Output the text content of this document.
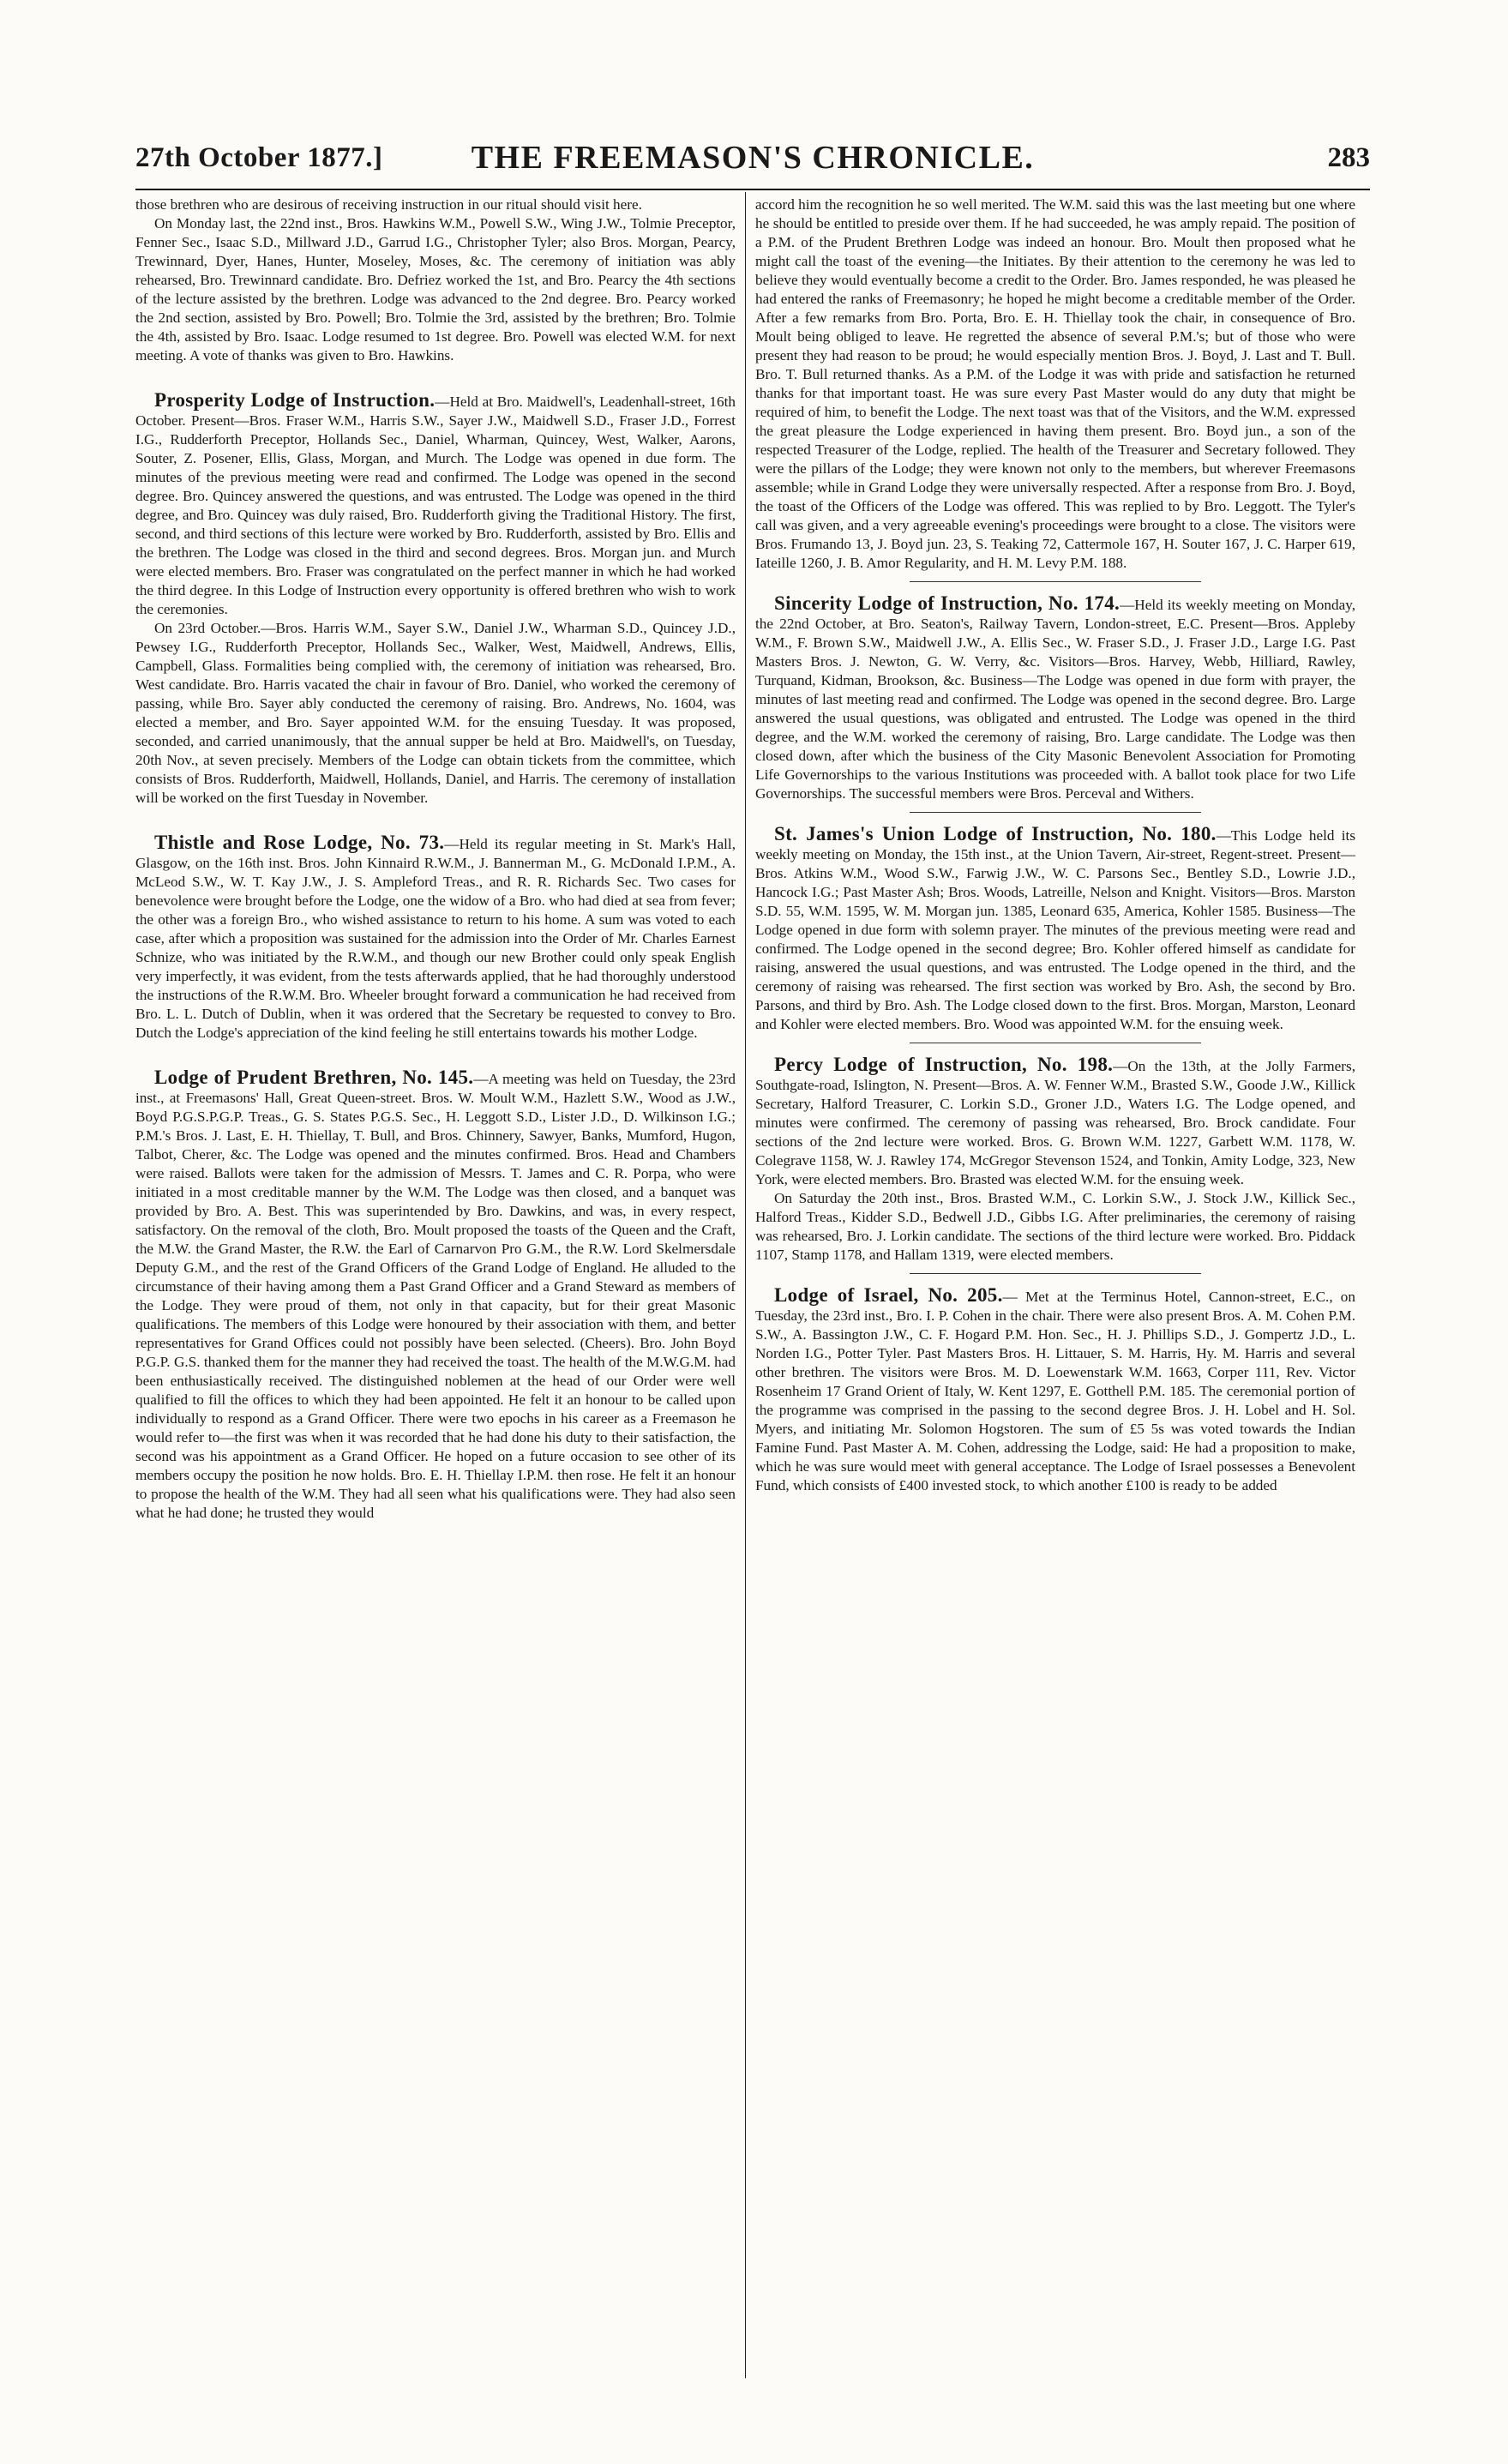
27th October 1877.]	THE FREEMASON'S CHRONICLE.	283

those brethren who are desirous of receiving instruction in our ritual should visit here.

On Monday last, the 22nd inst., Bros. Hawkins W.M., Powell S.W., Wing J.W., Tolmie Preceptor, Fenner Sec., Isaac S.D., Millward J.D., Garrud I.G., Christopher Tyler; also Bros. Morgan, Pearcy, Trewinnard, Dyer, Hanes, Hunter, Moseley, Moses, &c. The ceremony of initiation was ably rehearsed, Bro. Trewinnard candidate. Bro. Defriez worked the 1st, and Bro. Pearcy the 4th sections of the lecture assisted by the brethren. Lodge was advanced to the 2nd degree. Bro. Pearcy worked the 2nd section, assisted by Bro. Powell; Bro. Tolmie the 3rd, assisted by the brethren; Bro. Tolmie the 4th, assisted by Bro. Isaac. Lodge resumed to 1st degree. Bro. Powell was elected W.M. for next meeting. A vote of thanks was given to Bro. Hawkins.

Prosperity Lodge of Instruction.—Held at Bro. Maidwell's, Leadenhall-street, 16th October. Present—Bros. Fraser W.M., Harris S.W., Sayer J.W., Maidwell S.D., Fraser J.D., Forrest I.G., Rudderforth Preceptor, Hollands Sec., Daniel, Wharman, Quincey, West, Walker, Aarons, Souter, Z. Posener, Ellis, Glass, Morgan, and Murch. The Lodge was opened in due form. The minutes of the previous meeting were read and confirmed. The Lodge was opened in the second degree. Bro. Quincey answered the questions, and was entrusted. The Lodge was opened in the third degree, and Bro. Quincey was duly raised, Bro. Rudderforth giving the Traditional History. The first, second, and third sections of this lecture were worked by Bro. Rudderforth, assisted by Bro. Ellis and the brethren. The Lodge was closed in the third and second degrees. Bros. Morgan jun. and Murch were elected members. Bro. Fraser was congratulated on the perfect manner in which he had worked the third degree. In this Lodge of Instruction every opportunity is offered brethren who wish to work the ceremonies.

On 23rd October.—Bros. Harris W.M., Sayer S.W., Daniel J.W., Wharman S.D., Quincey J.D., Pewsey I.G., Rudderforth Preceptor, Hollands Sec., Walker, West, Maidwell, Andrews, Ellis, Campbell, Glass. Formalities being complied with, the ceremony of initiation was rehearsed, Bro. West candidate. Bro. Harris vacated the chair in favour of Bro. Daniel, who worked the ceremony of passing, while Bro. Sayer ably conducted the ceremony of raising. Bro. Andrews, No. 1604, was elected a member, and Bro. Sayer appointed W.M. for the ensuing Tuesday. It was proposed, seconded, and carried unanimously, that the annual supper be held at Bro. Maidwell's, on Tuesday, 20th Nov., at seven precisely. Members of the Lodge can obtain tickets from the committee, which consists of Bros. Rudderforth, Maidwell, Hollands, Daniel, and Harris. The ceremony of installation will be worked on the first Tuesday in November.

Thistle and Rose Lodge, No. 73.—Held its regular meeting in St. Mark's Hall, Glasgow, on the 16th inst. Bros. John Kinnaird R.W.M., J. Bannerman M., G. McDonald I.P.M., A. McLeod S.W., W. T. Kay J.W., J. S. Ampleford Treas., and R. R. Richards Sec. Two cases for benevolence were brought before the Lodge, one the widow of a Bro. who had died at sea from fever; the other was a foreign Bro., who wished assistance to return to his home. A sum was voted to each case, after which a proposition was sustained for the admission into the Order of Mr. Charles Earnest Schnize, who was initiated by the R.W.M., and though our new Brother could only speak English very imperfectly, it was evident, from the tests afterwards applied, that he had thoroughly understood the instructions of the R.W.M. Bro. Wheeler brought forward a communication he had received from Bro. L. L. Dutch of Dublin, when it was ordered that the Secretary be requested to convey to Bro. Dutch the Lodge's appreciation of the kind feeling he still entertains towards his mother Lodge.

Lodge of Prudent Brethren, No. 145.—A meeting was held on Tuesday, the 23rd inst., at Freemasons' Hall, Great Queen-street. Bros. W. Moult W.M., Hazlett S.W., Wood as J.W., Boyd P.G.S.P.G.P. Treas., G. S. States P.G.S. Sec., H. Leggott S.D., Lister J.D., D. Wilkinson I.G.; P.M.'s Bros. J. Last, E. H. Thiellay, T. Bull, and Bros. Chinnery, Sawyer, Banks, Mumford, Hugon, Talbot, Cherer, &c. The Lodge was opened and the minutes confirmed. Bros. Head and Chambers were raised. Ballots were taken for the admission of Messrs. T. James and C. R. Porpa, who were initiated in a most creditable manner by the W.M. The Lodge was then closed, and a banquet was provided by Bro. A. Best. This was superintended by Bro. Dawkins, and was, in every respect, satisfactory. On the removal of the cloth, Bro. Moult proposed the toasts of the Queen and the Craft, the M.W. the Grand Master, the R.W. the Earl of Carnarvon Pro G.M., the R.W. Lord Skelmersdale Deputy G.M., and the rest of the Grand Officers of the Grand Lodge of England. He alluded to the circumstance of their having among them a Past Grand Officer and a Grand Steward as members of the Lodge. They were proud of them, not only in that capacity, but for their great Masonic qualifications. The members of this Lodge were honoured by their association with them, and better representatives for Grand Offices could not possibly have been selected. (Cheers). Bro. John Boyd P.G.P. G.S. thanked them for the manner they had received the toast. The health of the M.W.G.M. had been enthusiastically received. The distinguished noblemen at the head of our Order were well qualified to fill the offices to which they had been appointed. He felt it an honour to be called upon individually to respond as a Grand Officer. There were two epochs in his career as a Freemason he would refer to—the first was when it was recorded that he had done his duty to their satisfaction, the second was his appointment as a Grand Officer. He hoped on a future occasion to see other of its members occupy the position he now holds. Bro. E. H. Thiellay I.P.M. then rose. He felt it an honour to propose the health of the W.M. They had all seen what his qualifications were. They had also seen what he had done; he trusted they would

accord him the recognition he so well merited. The W.M. said this was the last meeting but one where he should be entitled to preside over them. If he had succeeded, he was amply repaid. The position of a P.M. of the Prudent Brethren Lodge was indeed an honour. Bro. Moult then proposed what he might call the toast of the evening—the Initiates. By their attention to the ceremony he was led to believe they would eventually become a credit to the Order. Bro. James responded, he was pleased he had entered the ranks of Freemasonry; he hoped he might become a creditable member of the Order. After a few remarks from Bro. Porta, Bro. E. H. Thiellay took the chair, in consequence of Bro. Moult being obliged to leave. He regretted the absence of several P.M.'s; but of those who were present they had reason to be proud; he would especially mention Bros. J. Boyd, J. Last and T. Bull. Bro. T. Bull returned thanks. As a P.M. of the Lodge it was with pride and satisfaction he returned thanks for that important toast. He was sure every Past Master would do any duty that might be required of him, to benefit the Lodge. The next toast was that of the Visitors, and the W.M. expressed the great pleasure the Lodge experienced in having them present. Bro. Boyd jun., a son of the respected Treasurer of the Lodge, replied. The health of the Treasurer and Secretary followed. They were the pillars of the Lodge; they were known not only to the members, but wherever Freemasons assemble; while in Grand Lodge they were universally respected. After a response from Bro. J. Boyd, the toast of the Officers of the Lodge was offered. This was replied to by Bro. Leggott. The Tyler's call was given, and a very agreeable evening's proceedings were brought to a close. The visitors were Bros. Frumando 13, J. Boyd jun. 23, S. Teaking 72, Cattermole 167, H. Souter 167, J. C. Harper 619, Iateille 1260, J. B. Amor Regularity, and H. M. Levy P.M. 188.

Sincerity Lodge of Instruction, No. 174.—Held its weekly meeting on Monday, the 22nd October, at Bro. Seaton's, Railway Tavern, London-street, E.C. Present—Bros. Appleby W.M., F. Brown S.W., Maidwell J.W., A. Ellis Sec., W. Fraser S.D., J. Fraser J.D., Large I.G. Past Masters Bros. J. Newton, G. W. Verry, &c. Visitors—Bros. Harvey, Webb, Hilliard, Rawley, Turquand, Kidman, Brookson, &c. Business—The Lodge was opened in due form with prayer, the minutes of last meeting read and confirmed. The Lodge was opened in the second degree. Bro. Large answered the usual questions, was obligated and entrusted. The Lodge was opened in the third degree, and the W.M. worked the ceremony of raising, Bro. Large candidate. The Lodge was then closed down, after which the business of the City Masonic Benevolent Association for Promoting Life Governorships to the various Institutions was proceeded with. A ballot took place for two Life Governorships. The successful members were Bros. Perceval and Withers.

St. James's Union Lodge of Instruction, No. 180.—This Lodge held its weekly meeting on Monday, the 15th inst., at the Union Tavern, Air-street, Regent-street. Present—Bros. Atkins W.M., Wood S.W., Farwig J.W., W. C. Parsons Sec., Bentley S.D., Lowrie J.D., Hancock I.G.; Past Master Ash; Bros. Woods, Latreille, Nelson and Knight. Visitors—Bros. Marston S.D. 55, W.M. 1595, W. M. Morgan jun. 1385, Leonard 635, America, Kohler 1585. Business—The Lodge opened in due form with solemn prayer. The minutes of the previous meeting were read and confirmed. The Lodge opened in the second degree; Bro. Kohler offered himself as candidate for raising, answered the usual questions, and was entrusted. The Lodge opened in the third, and the ceremony of raising was rehearsed. The first section was worked by Bro. Ash, the second by Bro. Parsons, and third by Bro. Ash. The Lodge closed down to the first. Bros. Morgan, Marston, Leonard and Kohler were elected members. Bro. Wood was appointed W.M. for the ensuing week.

Percy Lodge of Instruction, No. 198.—On the 13th, at the Jolly Farmers, Southgate-road, Islington, N. Present—Bros. A. W. Fenner W.M., Brasted S.W., Goode J.W., Killick Secretary, Halford Treasurer, C. Lorkin S.D., Groner J.D., Waters I.G. The Lodge opened, and minutes were confirmed. The ceremony of passing was rehearsed, Bro. Brock candidate. Four sections of the 2nd lecture were worked. Bros. G. Brown W.M. 1227, Garbett W.M. 1178, W. Colegrave 1158, W. J. Rawley 174, McGregor Stevenson 1524, and Tonkin, Amity Lodge, 323, New York, were elected members. Bro. Brasted was elected W.M. for the ensuing week.

On Saturday the 20th inst., Bros. Brasted W.M., C. Lorkin S.W., J. Stock J.W., Killick Sec., Halford Treas., Kidder S.D., Bedwell J.D., Gibbs I.G. After preliminaries, the ceremony of raising was rehearsed, Bro. J. Lorkin candidate. The sections of the third lecture were worked. Bro. Piddack 1107, Stamp 1178, and Hallam 1319, were elected members.

Lodge of Israel, No. 205.— Met at the Terminus Hotel, Cannon-street, E.C., on Tuesday, the 23rd inst., Bro. I. P. Cohen in the chair. There were also present Bros. A. M. Cohen P.M. S.W., A. Bassington J.W., C. F. Hogard P.M. Hon. Sec., H. J. Phillips S.D., J. Gompertz J.D., L. Norden I.G., Potter Tyler. Past Masters Bros. H. Littauer, S. M. Harris, Hy. M. Harris and several other brethren. The visitors were Bros. M. D. Loewenstark W.M. 1663, Corper 111, Rev. Victor Rosenheim 17 Grand Orient of Italy, W. Kent 1297, E. Gotthell P.M. 185. The ceremonial portion of the programme was comprised in the passing to the second degree Bros. J. H. Lobel and H. Sol. Myers, and initiating Mr. Solomon Hogstoren. The sum of £5 5s was voted towards the Indian Famine Fund. Past Master A. M. Cohen, addressing the Lodge, said: He had a proposition to make, which he was sure would meet with general acceptance. The Lodge of Israel possesses a Benevolent Fund, which consists of £400 invested stock, to which another £100 is ready to be added
